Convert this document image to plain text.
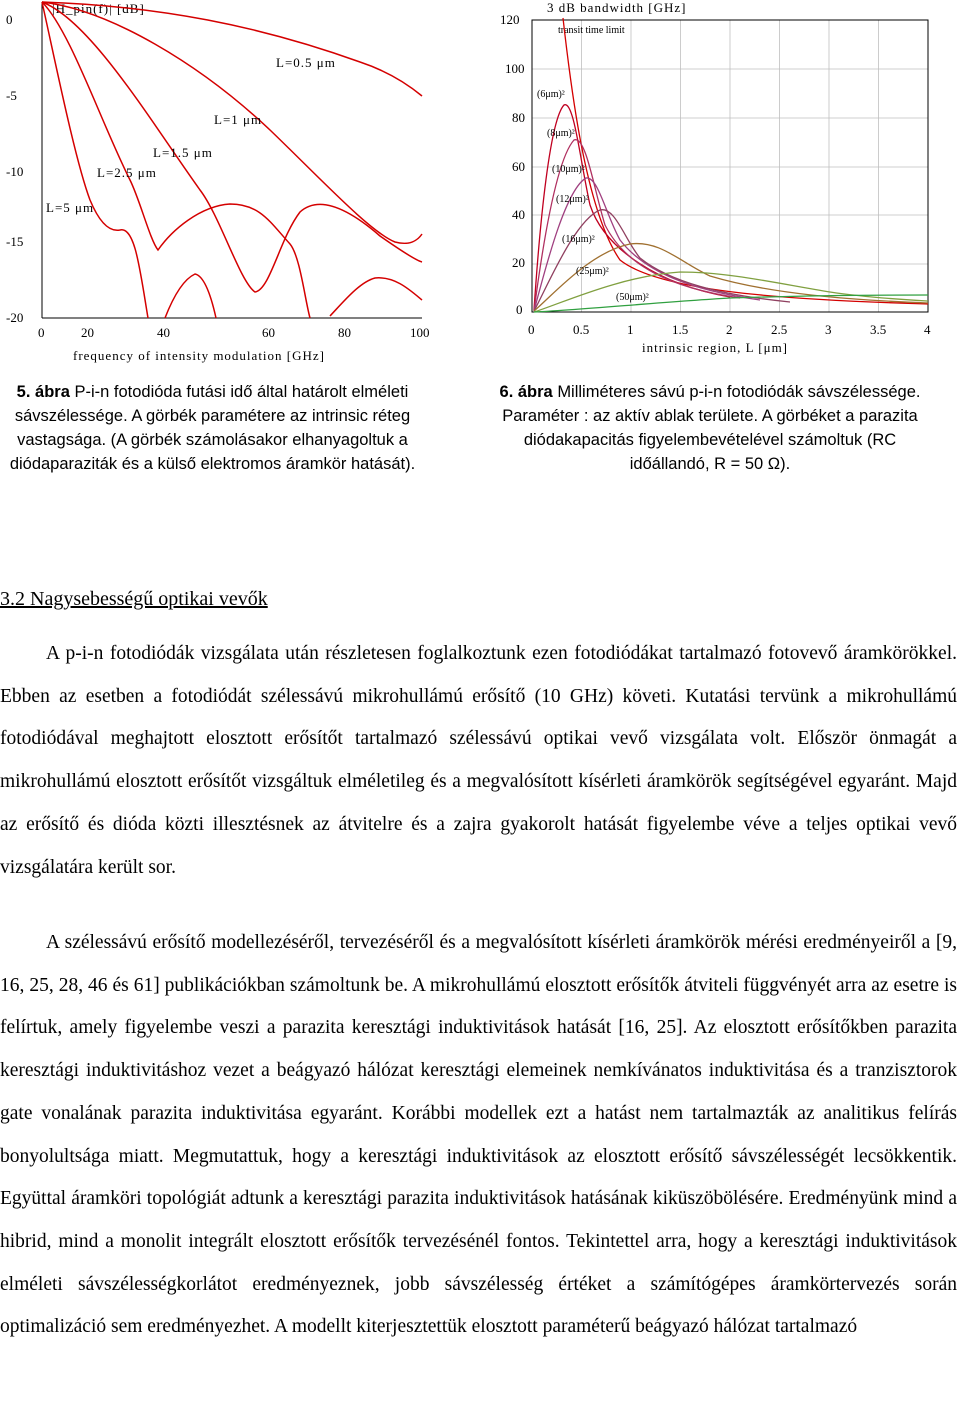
0
-5
-10
-15
-20
|H_pin(f)| [dB]
0	20	40	60	80	100
frequency of intensity modulation [GHz]
L=0.5 μm
L=1 μm
L=1.5 μm
L=2.5 μm
L=5 μm
120
100
80
60
40
20
0
3 dB bandwidth [GHz]
0	0.5	1	1.5	2	2.5	3	3.5	4
intrinsic region, L [μm]
transit time limit
(6μm)²
(8μm)²
(10μm)²
(12μm)²
(16μm)²
(25μm)²
(50μm)²
5. ábra P-i-n fotodióda futási idő által határolt elméleti sávszélessége. A görbék paramétere az intrinsic réteg vastagsága. (A görbék számolásakor elhanyagoltuk a diódaparaziták és a külső elektromos áramkör hatását).
6. ábra Milliméteres sávú p-i-n fotodiódák sávszélessége. Paraméter : az aktív ablak területe. A görbéket a parazita diódakapacitás figyelembevételével számoltuk (RC időállandó, R = 50 Ω).
3.2 Nagysebességű optikai vevők

A p-i-n fotodiódák vizsgálata után részletesen foglalkoztunk ezen fotodiódákat tartalmazó fotovevő áramkörökkel. Ebben az esetben a fotodiódát szélessávú mikrohullámú erősítő (10 GHz) követi. Kutatási tervünk a mikrohullámú fotodiódával meghajtott elosztott erősítőt tartalmazó szélessávú optikai vevő vizsgálata volt. Először önmagát a mikrohullámú elosztott erősítőt vizsgáltuk elméletileg és a megvalósított kísérleti áramkörök segítségével egyaránt. Majd az erősítő és dióda közti illesztésnek az átvitelre és a zajra gyakorolt hatását figyelembe véve a teljes optikai vevő vizsgálatára került sor.

A szélessávú erősítő modellezéséről, tervezéséről és a megvalósított kísérleti áramkörök mérési eredményeiről a [9, 16, 25, 28, 46 és 61] publikációkban számoltunk be. A mikrohullámú elosztott erősítők átviteli függvényét arra az esetre is felírtuk, amely figyelembe veszi a parazita keresztági induktivitások hatását [16, 25]. Az elosztott erősítőkben parazita keresztági induktivitáshoz vezet a beágyazó hálózat keresztági elemeinek nemkívánatos induktivitása és a tranzisztorok gate vonalának parazita induktivitása egyaránt. Korábbi modellek ezt a hatást nem tartalmazták az analitikus felírás bonyolultsága miatt. Megmutattuk, hogy a keresztági induktivitások az elosztott erősítő sávszélességét lecsökkentik. Együttal áramköri topológiát adtunk a keresztági parazita induktivitások hatásának kiküszöbölésére. Eredményünk mind a hibrid, mind a monolit integrált elosztott erősítők tervezésénél fontos. Tekintettel arra, hogy a keresztági induktivitások elméleti sávszélességkorlátot eredményeznek, jobb sávszélesség értéket a számítógépes áramkörtervezés során optimalizáció sem eredményezhet. A modellt kiterjesztettük elosztott paraméterű beágyazó hálózat tartalmazó
